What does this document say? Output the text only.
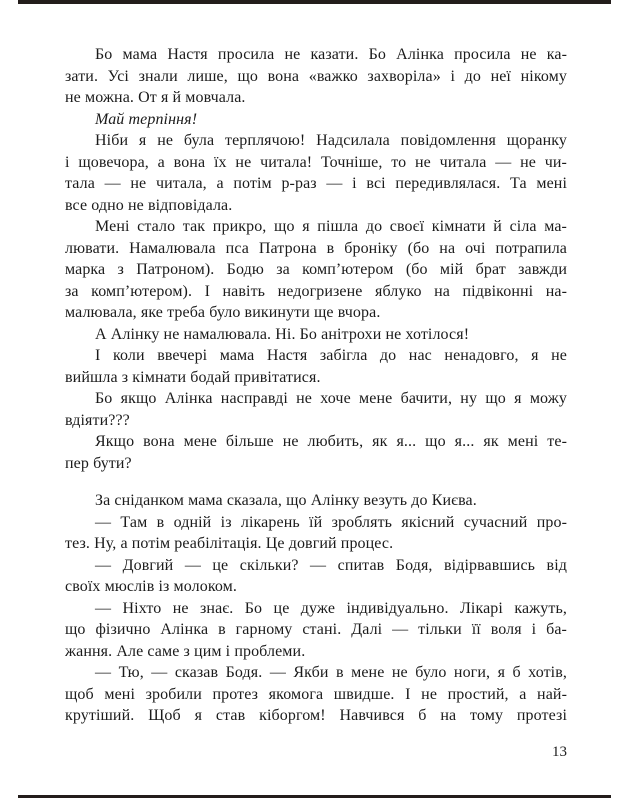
Бо мама Настя просила не казати. Бо Алінка просила не ка-
зати. Усі знали лише, що вона «важко захворіла» і до неї нікому
не можна. От я й мовчала.
Май терпіння!
Ніби я не була терплячою! Надсилала повідомлення щоранку
і щовечора, а вона їх не читала! Точніше, то не читала — не чи-
тала — не читала, а потім р-раз — і всі передивлялася. Та мені
все одно не відповідала.
Мені стало так прикро, що я пішла до своєї кімнати й сіла ма-
лювати. Намалювала пса Патрона в броніку (бо на очі потрапила
марка з Патроном). Бодю за комп’ютером (бо мій брат завжди
за комп’ютером). І навіть недогризене яблуко на підвіконні на-
малювала, яке треба було викинути ще вчора.
А Алінку не намалювала. Ні. Бо анітрохи не хотілося!
І коли ввечері мама Настя забігла до нас ненадовго, я не
вийшла з кімнати бодай привітатися.
Бо якщо Алінка насправді не хоче мене бачити, ну що я можу
вдіяти???
Якщо вона мене більше не любить, як я... що я... як мені те-
пер бути?
За сніданком мама сказала, що Алінку везуть до Києва.
— Там в одній із лікарень їй зроблять якісний сучасний про-
тез. Ну, а потім реабілітація. Це довгий процес.
— Довгий — це скільки? — спитав Бодя, відірвавшись від
своїх мюслів із молоком.
— Ніхто не знає. Бо це дуже індивідуально. Лікарі кажуть,
що фізично Алінка в гарному стані. Далі — тільки її воля і ба-
жання. Але саме з цим і проблеми.
— Тю, — сказав Бодя. — Якби в мене не було ноги, я б хотів,
щоб мені зробили протез якомога швидше. І не простий, а най-
крутіший. Щоб я став кіборгом! Навчився б на тому протезі
13
